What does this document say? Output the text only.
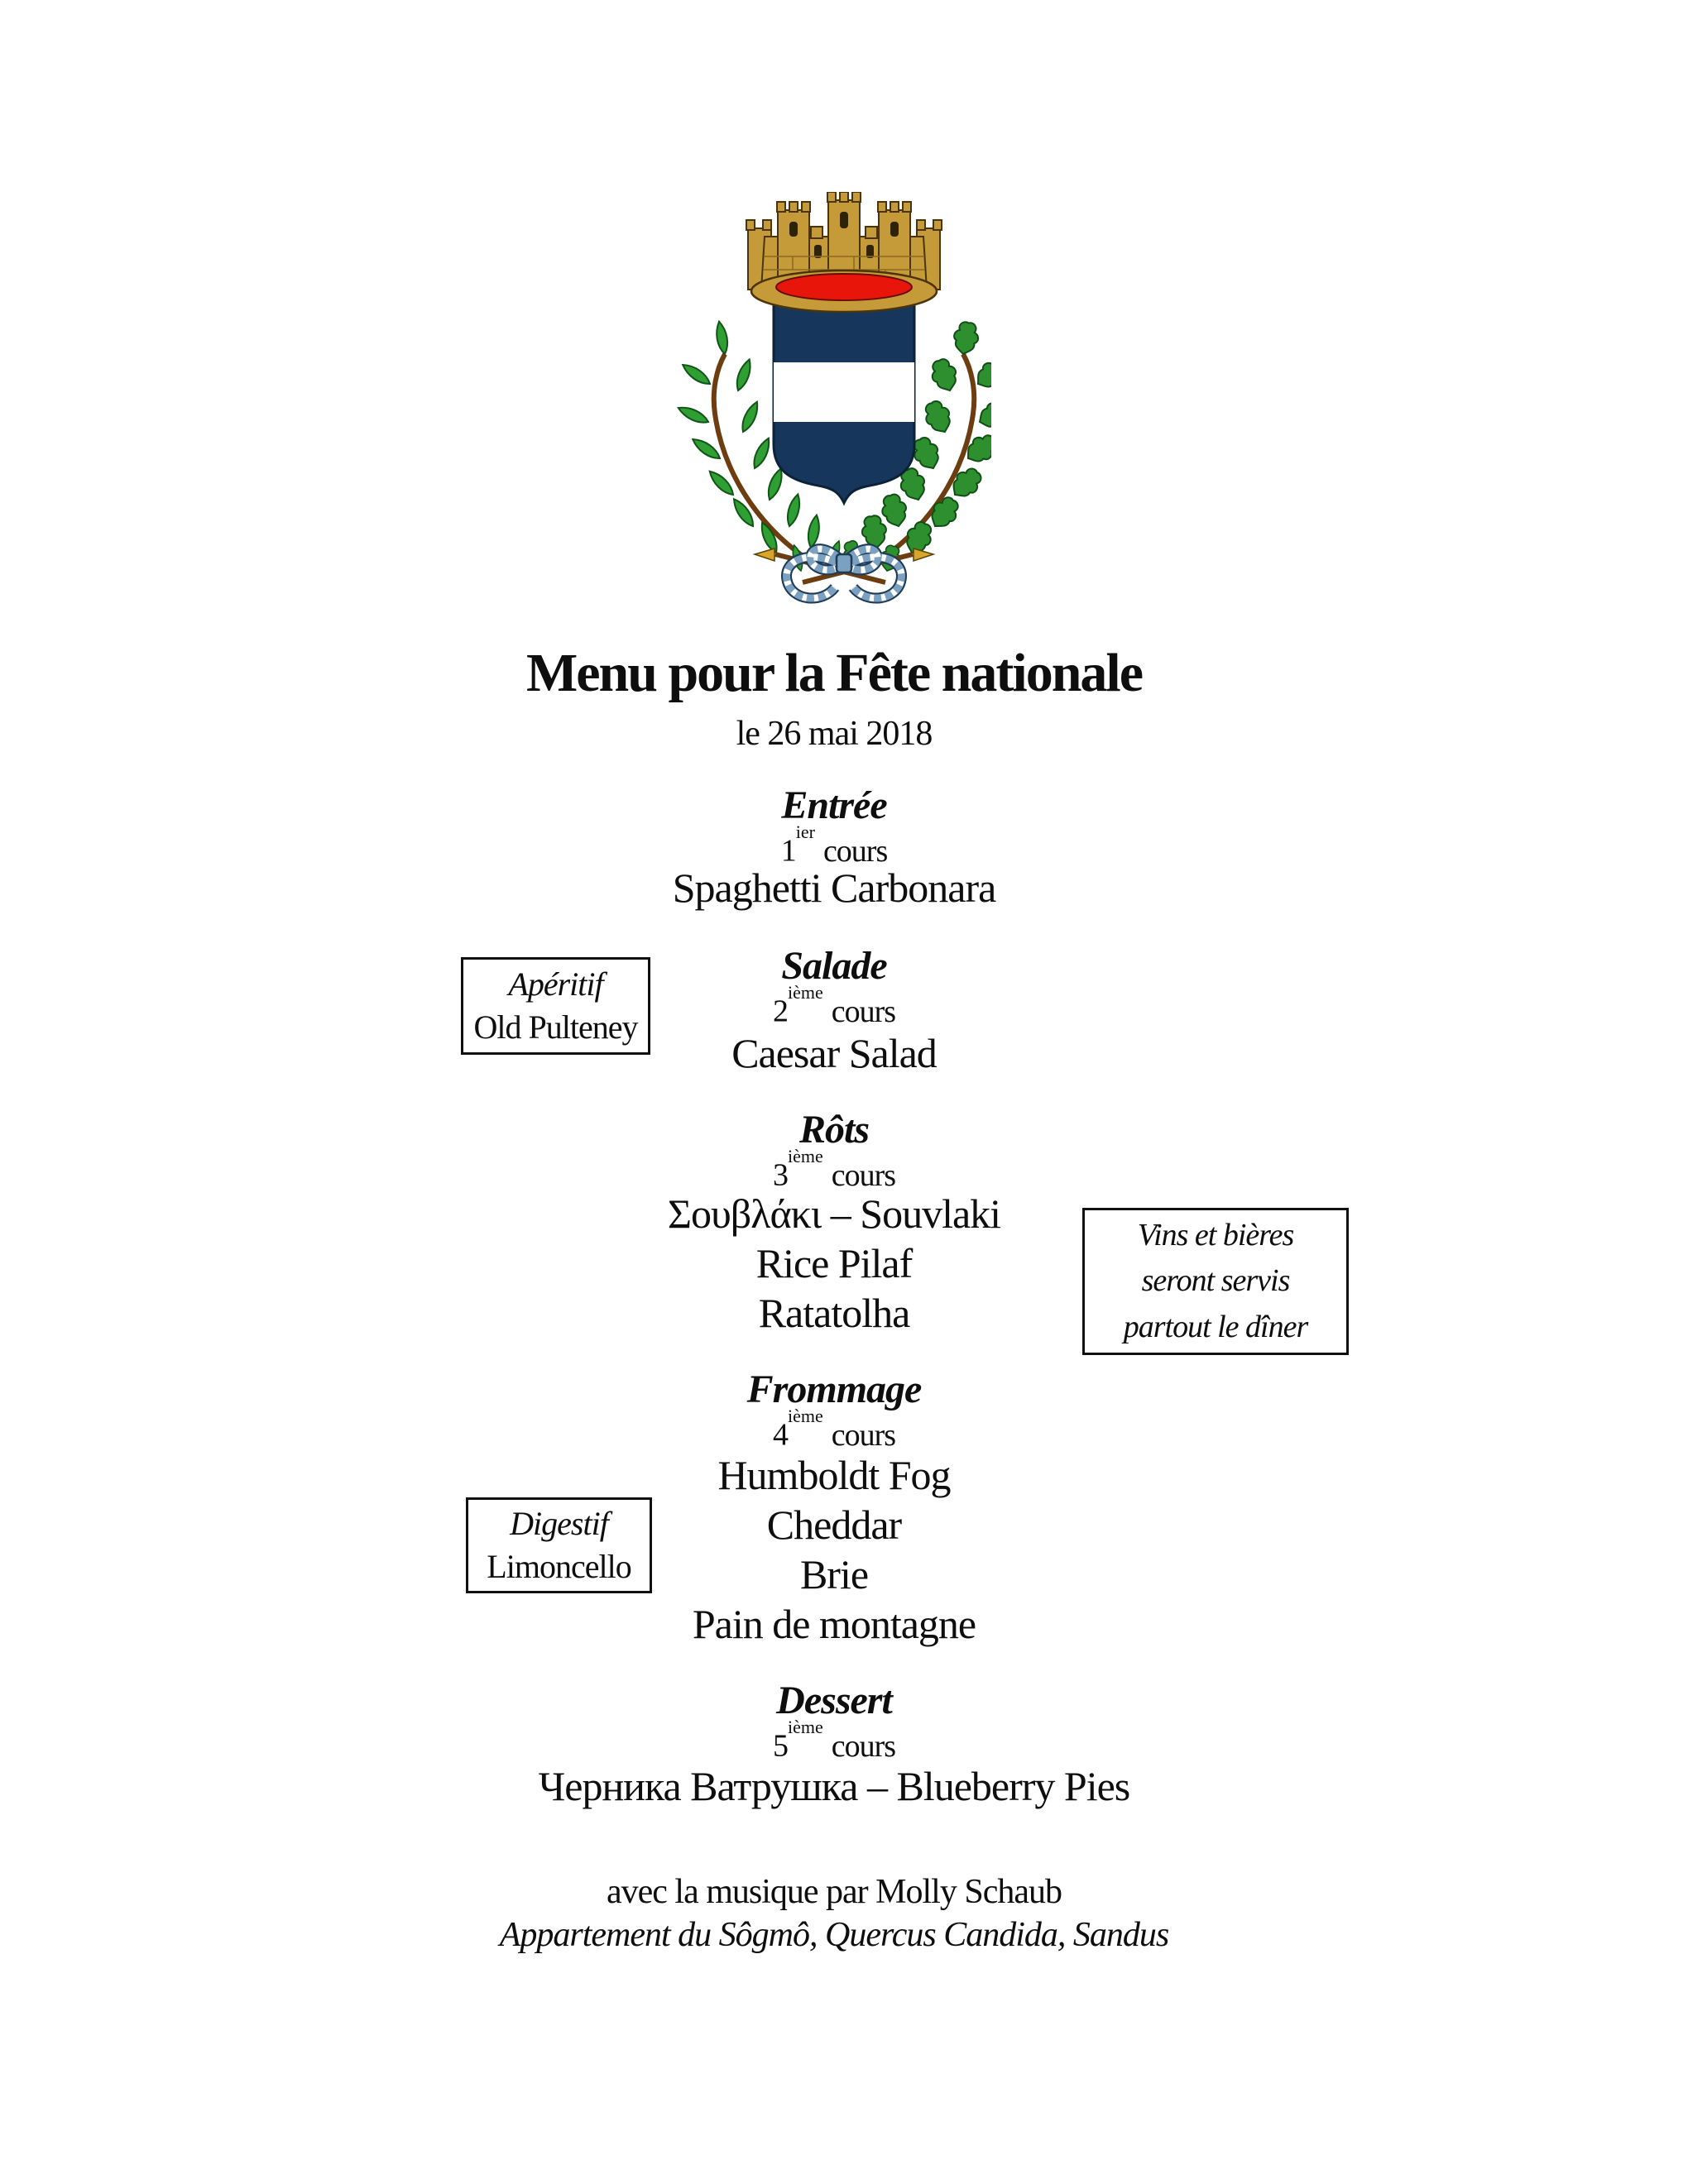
Menu pour la Fête nationale
le 26 mai 2018
Entrée
$1^{ier}cours$
Spaghetti Carbonara
Salade
2ièmecours
Caesar Salad
Rôts
3ièmecours
Σουβλάκι – Souvlaki
Rice Pilaf
Ratatolha
Frommage
4ièmecours
Humboldt Fog
Cheddar
Brie
Pain de montagne
Dessert
5ièmecours
Черника Ватрушка – Blueberry Pies
Apéritif
Old Pulteney
Vins et bières
seront servis
partout le dîner
Digestif
Limoncello
avec la musique par Molly Schaub
Appartement du Sôgmô, Quercus Candida, Sandus
